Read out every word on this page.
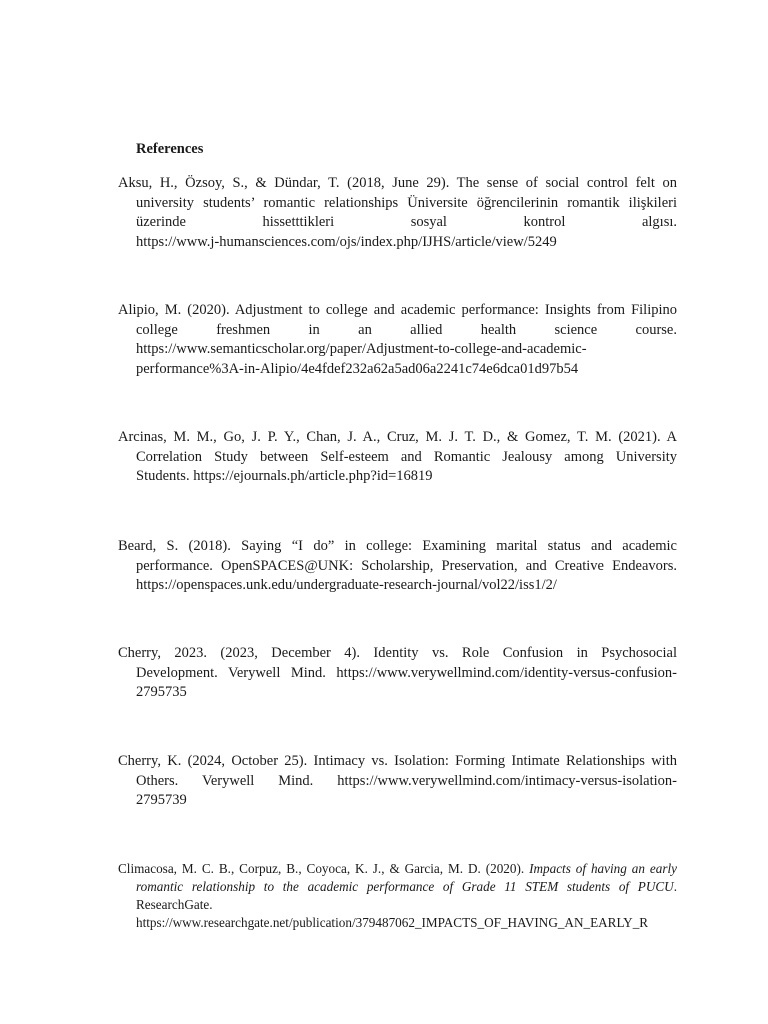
References
Aksu, H., Özsoy, S., & Dündar, T. (2018, June 29). The sense of social control felt on
university students’ romantic relationships Üniversite öğrencilerinin romantik ilişkileri
üzerinde hissetttikleri sosyal kontrol algısı.
https://www.j-humansciences.com/ojs/index.php/IJHS/article/view/5249
Alipio, M. (2020). Adjustment to college and academic performance: Insights from Filipino
college freshmen in an allied health science course.
https://www.semanticscholar.org/paper/Adjustment-to-college-and-academic-
performance%3A-in-Alipio/4e4fdef232a62a5ad06a2241c74e6dca01d97b54
Arcinas, M. M., Go, J. P. Y., Chan, J. A., Cruz, M. J. T. D., & Gomez, T. M. (2021). A
Correlation Study between Self-esteem and Romantic Jealousy among University
Students. https://ejournals.ph/article.php?id=16819
Beard, S. (2018). Saying “I do” in college: Examining marital status and academic
performance. OpenSPACES@UNK: Scholarship, Preservation, and Creative Endeavors.
https://openspaces.unk.edu/undergraduate-research-journal/vol22/iss1/2/
Cherry, 2023. (2023, December 4). Identity vs. Role Confusion in Psychosocial
Development. Verywell Mind. https://www.verywellmind.com/identity-versus-confusion-
2795735
Cherry, K. (2024, October 25). Intimacy vs. Isolation: Forming Intimate Relationships with
Others. Verywell Mind. https://www.verywellmind.com/intimacy-versus-isolation-
2795739
Climacosa, M. C. B., Corpuz, B., Coyoca, K. J., & Garcia, M. D. (2020). Impacts of having an early
romantic relationship to the academic performance of Grade 11 STEM students of PUCU.
ResearchGate.
https://www.researchgate.net/publication/379487062_IMPACTS_OF_HAVING_AN_EARLY_R
